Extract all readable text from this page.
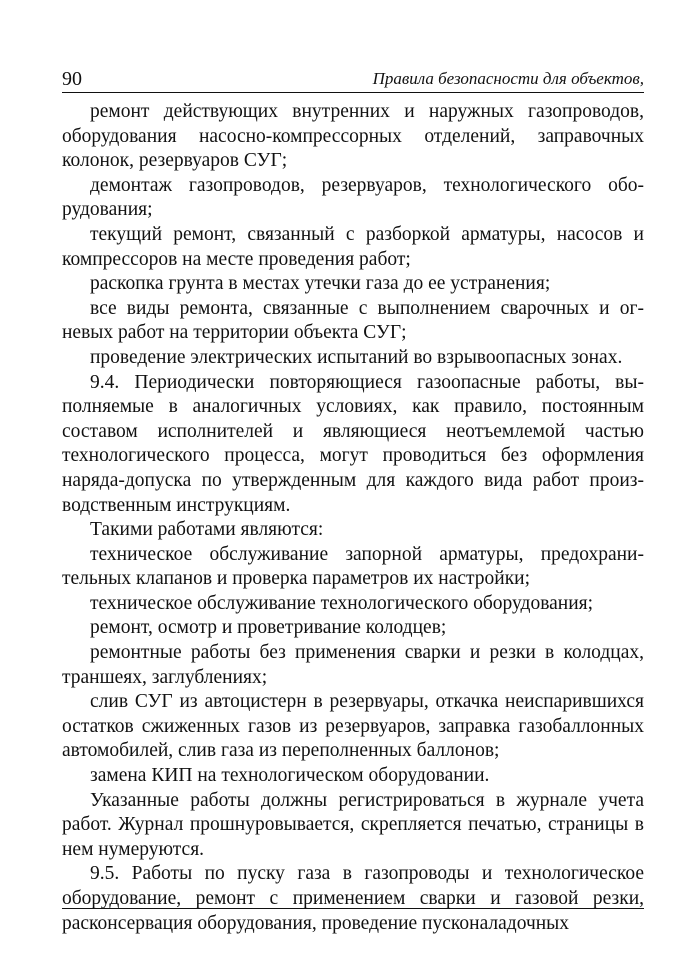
90	Правила безопасности для объектов,

ремонт действующих внутренних и наружных газопроводов, оборудования насосно-компрессорных отделений, заправочных колонок, резервуаров СУГ;

демонтаж газопроводов, резервуаров, технологического оборудования;

текущий ремонт, связанный с разборкой арматуры, насосов и компрессоров на месте проведения работ;

раскопка грунта в местах утечки газа до ее устранения;

все виды ремонта, связанные с выполнением сварочных и огневых работ на территории объекта СУГ;

проведение электрических испытаний во взрывоопасных зонах.

9.4. Периодически повторяющиеся газоопасные работы, выполняемые в аналогичных условиях, как правило, постоянным составом исполнителей и являющиеся неотъемлемой частью технологического процесса, могут проводиться без оформления наряда-допуска по утвержденным для каждого вида работ производственным инструкциям.

Такими работами являются:

техническое обслуживание запорной арматуры, предохранительных клапанов и проверка параметров их настройки;

техническое обслуживание технологического оборудования;

ремонт, осмотр и проветривание колодцев;

ремонтные работы без применения сварки и резки в колодцах, траншеях, заглублениях;

слив СУГ из автоцистерн в резервуары, откачка неиспарившихся остатков сжиженных газов из резервуаров, заправка газобаллонных автомобилей, слив газа из переполненных баллонов;

замена КИП на технологическом оборудовании.

Указанные работы должны регистрироваться в журнале учета работ. Журнал прошнуровывается, скрепляется печатью, страницы в нем нумеруются.

9.5. Работы по пуску газа в газопроводы и технологическое оборудование, ремонт с применением сварки и газовой резки, расконсервация оборудования, проведение пусконаладочных
